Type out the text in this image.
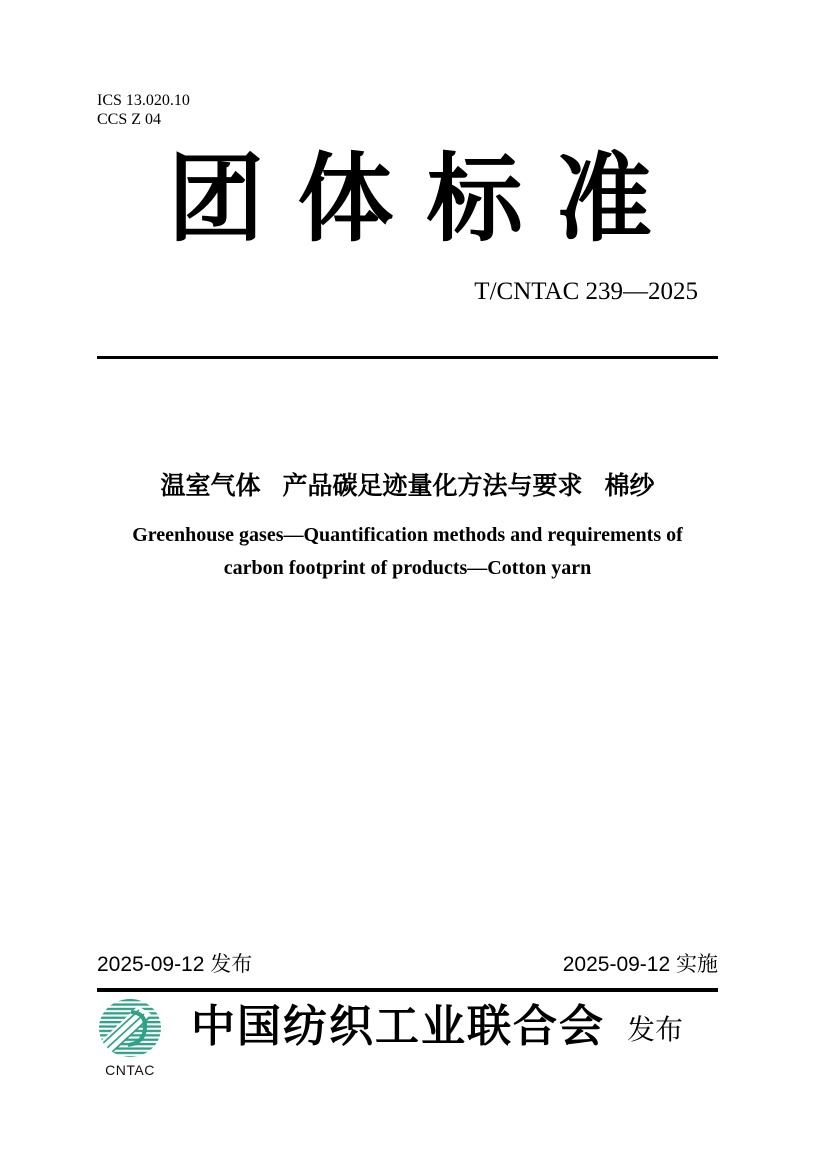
ICS 13.020.10
CCS Z 04
团 体 标 准
T/CNTAC 239—2025
温室气体 产品碳足迹量化方法与要求 棉纱
Greenhouse gases—Quantification methods and requirements of
carbon footprint of products—Cotton yarn
2025-09-12 发布	2025-09-12 实施
CNTAC
中国纺织工业联合会 发布
